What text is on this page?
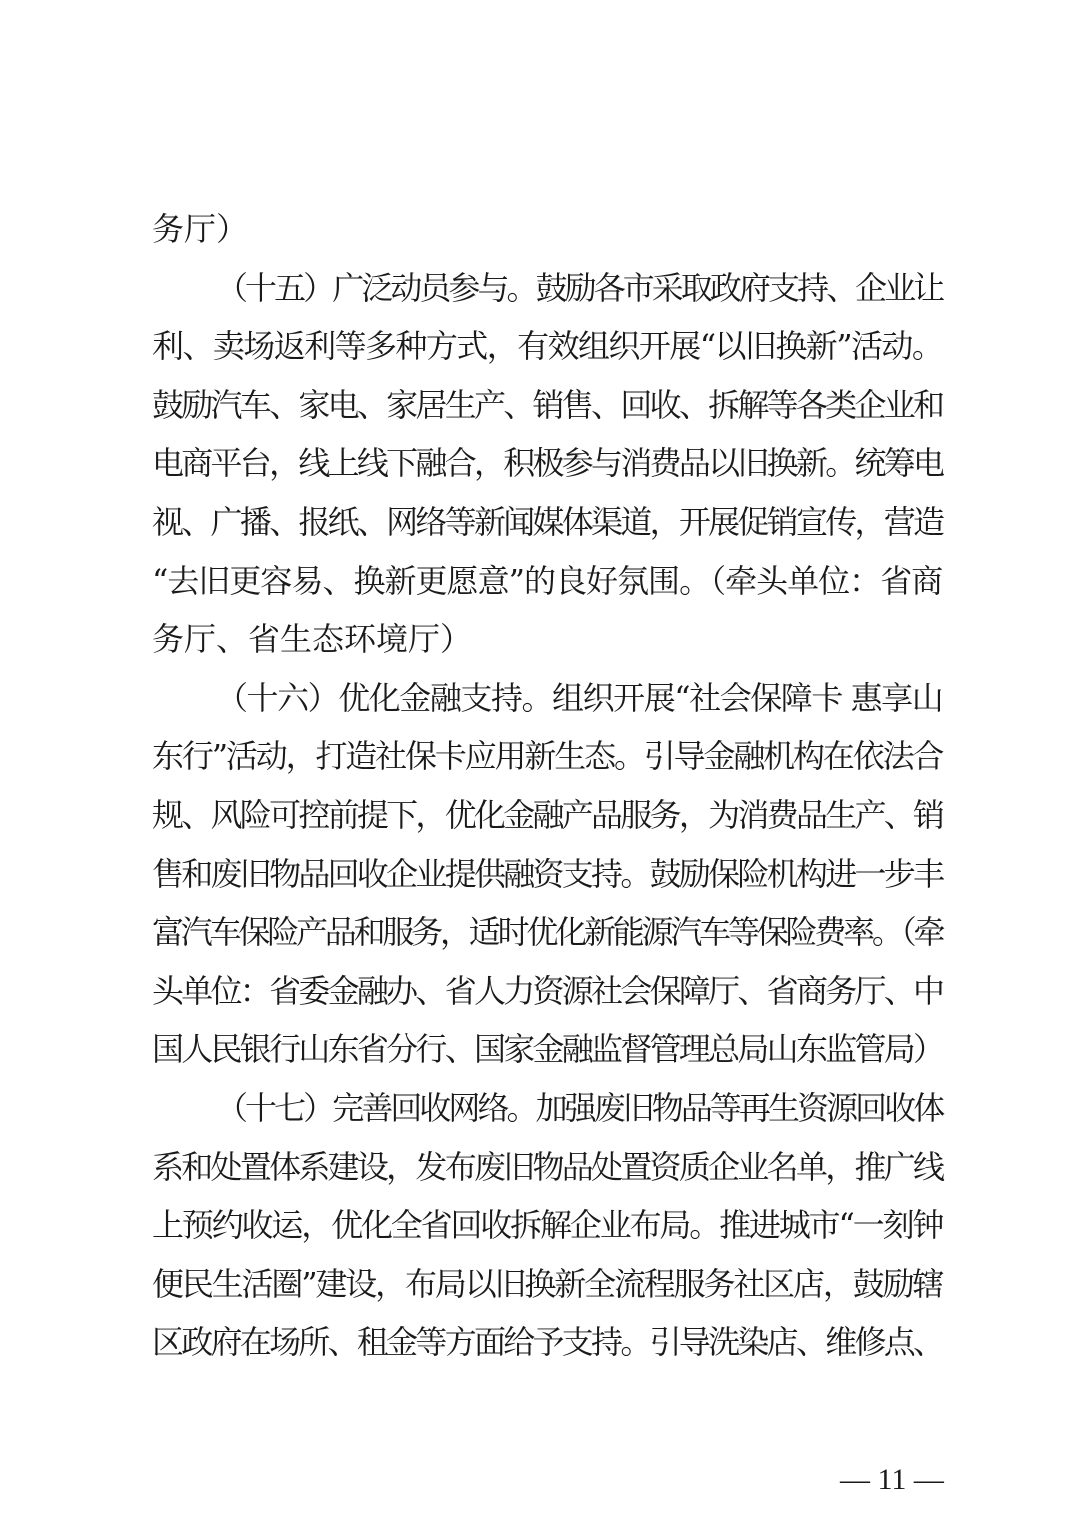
务厅）
（十五）广泛动员参与。鼓励各市采取政府支持、企业让
利、卖场返利等多种方式，有效组织开展“以旧换新”活动。
鼓励汽车、家电、家居生产、销售、回收、拆解等各类企业和
电商平台，线上线下融合，积极参与消费品以旧换新。统筹电
视、广播、报纸、网络等新闻媒体渠道，开展促销宣传，营造
“去旧更容易、换新更愿意”的良好氛围。（牵头单位：省商
务厅、省生态环境厅）
（十六）优化金融支持。组织开展“社会保障卡 惠享山
东行”活动，打造社保卡应用新生态。引导金融机构在依法合
规、风险可控前提下，优化金融产品服务，为消费品生产、销
售和废旧物品回收企业提供融资支持。鼓励保险机构进一步丰
富汽车保险产品和服务，适时优化新能源汽车等保险费率。（牵
头单位：省委金融办、省人力资源社会保障厅、省商务厅、中
国人民银行山东省分行、国家金融监督管理总局山东监管局）
（十七）完善回收网络。加强废旧物品等再生资源回收体
系和处置体系建设，发布废旧物品处置资质企业名单，推广线
上预约收运，优化全省回收拆解企业布局。推进城市“一刻钟
便民生活圈”建设，布局以旧换新全流程服务社区店，鼓励辖
区政府在场所、租金等方面给予支持。引导洗染店、维修点、
— 11 —
